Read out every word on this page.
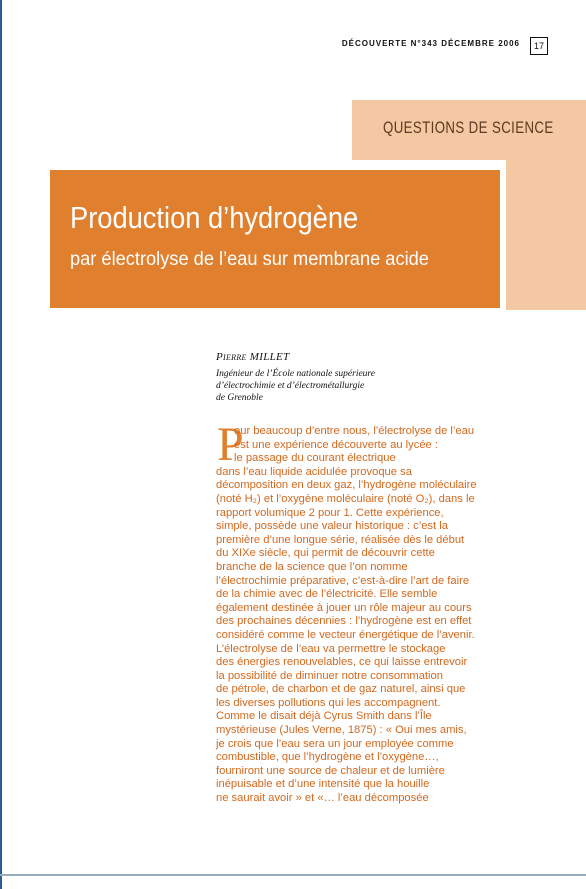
DÉCOUVERTE N°343 DÉCEMBRE 2006	17
QUESTIONS DE SCIENCE
Production d’hydrogène
par électrolyse de l’eau sur membrane acide
Pierre MILLET
Ingénieur de l’École nationale supérieure
d’électrochimie et d’électrométallurgie
de Grenoble
P
our beaucoup d’entre nous, l’électrolyse de l’eau
est une expérience découverte au lycée :
le passage du courant électrique
dans l’eau liquide acidulée provoque sa
décomposition en deux gaz, l’hydrogène moléculaire
(noté H₂) et l’oxygène moléculaire (noté O₂), dans le
rapport volumique 2 pour 1. Cette expérience,
simple, possède une valeur historique : c’est la
première d’une longue série, réalisée dès le début
du XIXe siècle, qui permit de découvrir cette
branche de la science que l’on nomme
l’électrochimie préparative, c’est-à-dire l’art de faire
de la chimie avec de l’électricité. Elle semble
également destinée à jouer un rôle majeur au cours
des prochaines décennies : l’hydrogène est en effet
considéré comme le vecteur énergétique de l’avenir.
L’électrolyse de l’eau va permettre le stockage
des énergies renouvelables, ce qui laisse entrevoir
la possibilité de diminuer notre consommation
de pétrole, de charbon et de gaz naturel, ainsi que
les diverses pollutions qui les accompagnent.
Comme le disait déjà Cyrus Smith dans l’Île
mystérieuse (Jules Verne, 1875) : « Oui mes amis,
je crois que l’eau sera un jour employée comme
combustible, que l’hydrogène et l’oxygène…,
fourniront une source de chaleur et de lumière
inépuisable et d’une intensité que la houille
ne saurait avoir » et «… l’eau décomposée
